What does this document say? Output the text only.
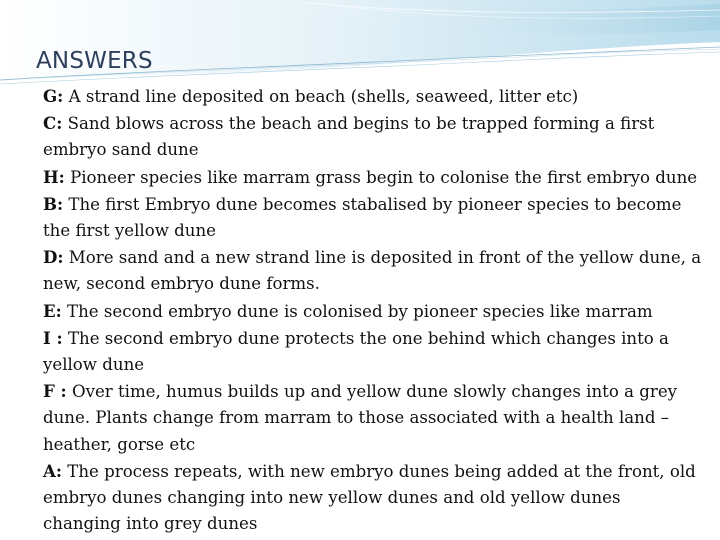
ANSWERS
G: A strand line deposited on beach (shells, seaweed, litter etc)
C: Sand blows across the beach and begins to be trapped forming a first embryo sand dune
H: Pioneer species like marram grass begin to colonise the first embryo dune
B: The first Embryo dune becomes stabalised by pioneer species to become the first yellow dune
D: More sand and a new strand line is deposited in front of the yellow dune, a new, second embryo dune forms.
E: The second embryo dune is colonised by pioneer species like marram
I : The second embryo dune protects the one behind which changes into a yellow dune
F : Over time, humus builds up and yellow dune slowly changes into a grey dune. Plants change from marram to those associated with a health land – heather, gorse etc
A: The process repeats, with new embryo dunes being added at the front, old embryo dunes changing into new yellow dunes and old yellow dunes changing into grey dunes
